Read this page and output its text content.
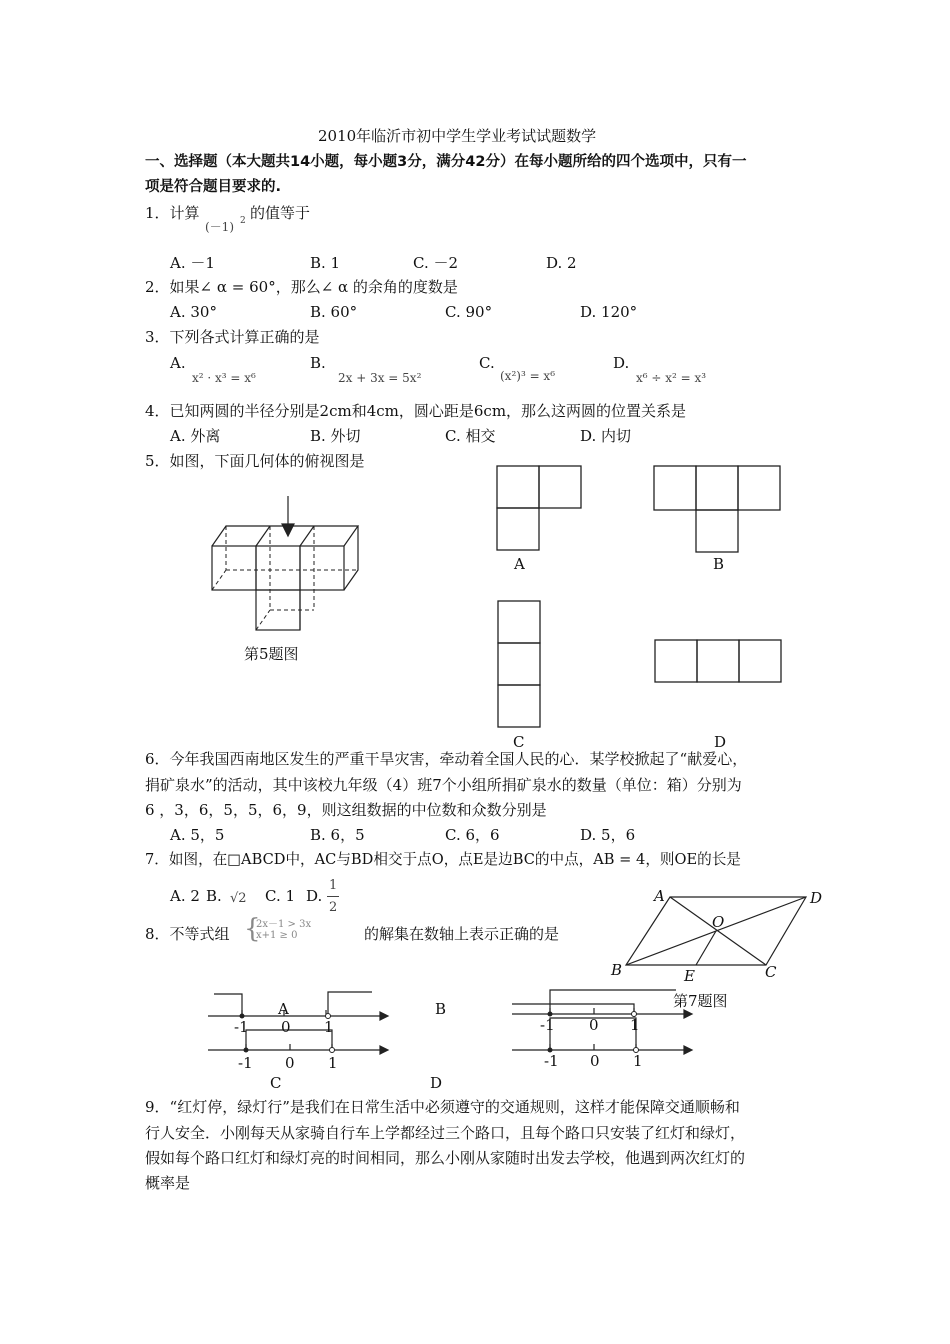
2010年临沂市初中学生学业考试试题数学
一、选择题（本大题共14小题，每小题3分，满分42分）在每小题所给的四个选项中，只有一
项是符合题目要求的.
1．计算
(－1) 2 的值等于
A. －1	B. 1	C. －2	D. 2
2．如果∠ α = 60°，那么∠ α 的余角的度数是
A. 30°	B. 60°	C. 90°	D. 120°
3．下列各式计算正确的是
A.
x² · x³ = x⁶
B.
2x + 3x = 5x²
C.
(x²)³ = x⁶
D.
x⁶ ÷ x² = x³
4．已知两圆的半径分别是2cm和4cm，圆心距是6cm，那么这两圆的位置关系是
A. 外离	B. 外切	C. 相交	D. 内切
5．如图，下面几何体的俯视图是
第5题图
A	B
C	D
6．今年我国西南地区发生的严重干旱灾害，牵动着全国人民的心．某学校掀起了“献爱心，
捐矿泉水”的活动，其中该校九年级（4）班7个小组所捐矿泉水的数量（单位：箱）分别为
6 ，3，6，5，5，6，9，则这组数据的中位数和众数分别是
A. 5，5	B. 6，5	C. 6，6	D. 5，6
7．如图，在□ABCD中，AC与BD相交于点O，点E是边BC的中点，AB = 4，则OE的长是
A. 2 B. √2 C. 1 D.
1
2
A	D
O
B	E	C
第7题图
8．不等式组 {
2x－1 > 3x
x+1 ≥ 0	的解集在数轴上表示正确的是
A
-1 0 1
-1 0 1
C
B
D
-1 0 1
-1 0 1
9．“红灯停，绿灯行”是我们在日常生活中必须遵守的交通规则，这样才能保障交通顺畅和
行人安全．小刚每天从家骑自行车上学都经过三个路口，且每个路口只安装了红灯和绿灯，
假如每个路口红灯和绿灯亮的时间相同，那么小刚从家随时出发去学校，他遇到两次红灯的
概率是
